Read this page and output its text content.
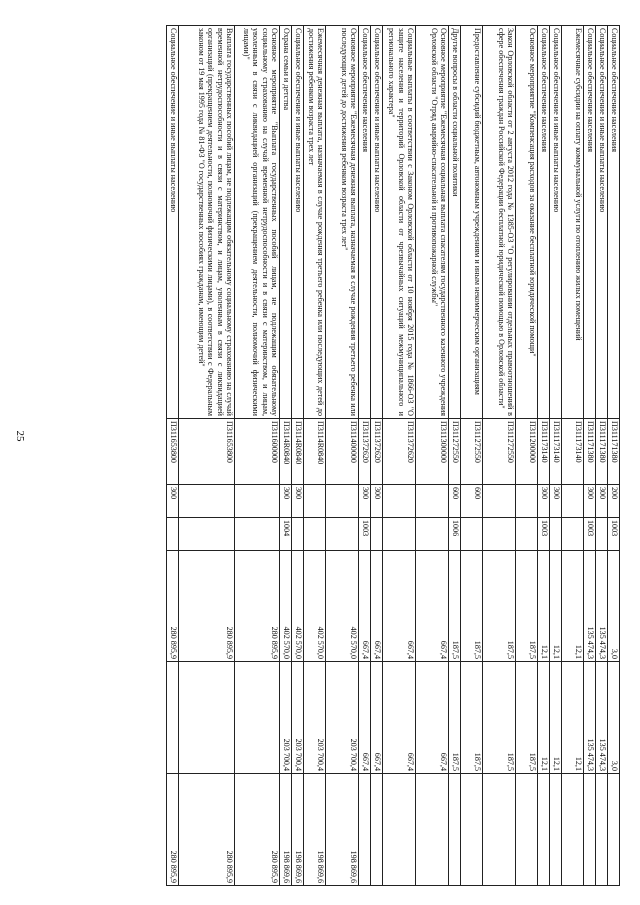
25
Социальное обеспечение населения	П311171380	200	1003	3,0	3,0	
Социальное обеспечение и иные выплаты населению	П311171380	300		135 474,3	135 474,3	
Социальное обеспечение населения	П311171380	300	1003	135 474,3	135 474,3	
Ежемесячные субсидии на оплату коммунальной услуги по отоплению жилых помещений	П311173140			12,1	12,1	
Социальное обеспечение и иные выплаты населению	П311173140	300		12,1	12,1	
Социальное обеспечение населения	П311173140	300	1003	12,1	12,1	
Основное мероприятие "Компенсация расходов за оказание бесплатной юридической помощи"	П311200000			187,5	187,5	
Закон Орловской области от 2 августа 2012 года № 1385-ОЗ "О регулировании отдельных правоотношений в сфере обеспечения граждан Российской Федерации бесплатной юридической помощью в Орловской области"	П311272550			187,5	187,5	
Предоставление субсидий бюджетным, автономным учреждениям и иным некоммерческим организациям	П311272550	600		187,5	187,5	
Другие вопросы в области социальной политики	П311272550	600	1006	187,5	187,5	
Основное мероприятие "Ежемесячная социальная выплата спасателям государственного казенного учреждения Орловской области "Отряд аварийно-спасательной и противопожарной службы"	П311300000			667,4	667,4	
Социальные выплаты в соответствии с Законом Орловской области от 10 ноября 2015 года № 1866-ОЗ "О защите населения и территорий Орловской области от чрезвычайных ситуаций межмуниципального и регионального характера"	П311372620			667,4	667,4	
Социальное обеспечение и иные выплаты населению	П311372620	300		667,4	667,4	
Социальное обеспечение населения	П311372620	300	1003	667,4	667,4	
Основное мероприятие "Ежемесячная денежная выплата, назначаемая в случае рождения третьего ребенка или последующих детей до достижения ребенком возраста трех лет"	П311400000			402 570,0	203 700,4	198 869,6
Ежемесячная денежная выплата, назначаемая в случае рождения третьего ребенка или последующих детей до достижения ребенком возраста трех лет	П3114R0840			402 570,0	203 700,4	198 869,6
Социальное обеспечение и иные выплаты населению	П3114R0840	300		402 570,0	203 700,4	198 869,6
Охрана семьи и детства	П3114R0840	300	1004	402 570,0	203 700,4	198 869,6
Основное мероприятие "Выплата государственных пособий лицам, не подлежащим обязательному социальному страхованию на случай временной нетрудоспособности и в связи с материнством, и лицам, уволенным в связи с ликвидацией организаций (прекращением деятельности, полномочий физическими лицами)"	П311600000			280 895,9		280 895,9
Выплата государственных пособий лицам, не подлежащим обязательному социальному страхованию на случай временной нетрудоспособности и в связи с материнством, и лицам, уволенным в связи с ликвидацией организаций (прекращением деятельности, полномочий физическими лицами), в соответствии с Федеральным законом от 19 мая 1995 года № 81-ФЗ "О государственных пособиях гражданам, имеющим детей"	П311653800			280 895,9		280 895,9
Социальное обеспечение и иные выплаты населению	П311653800	300		280 895,9		280 895,9
